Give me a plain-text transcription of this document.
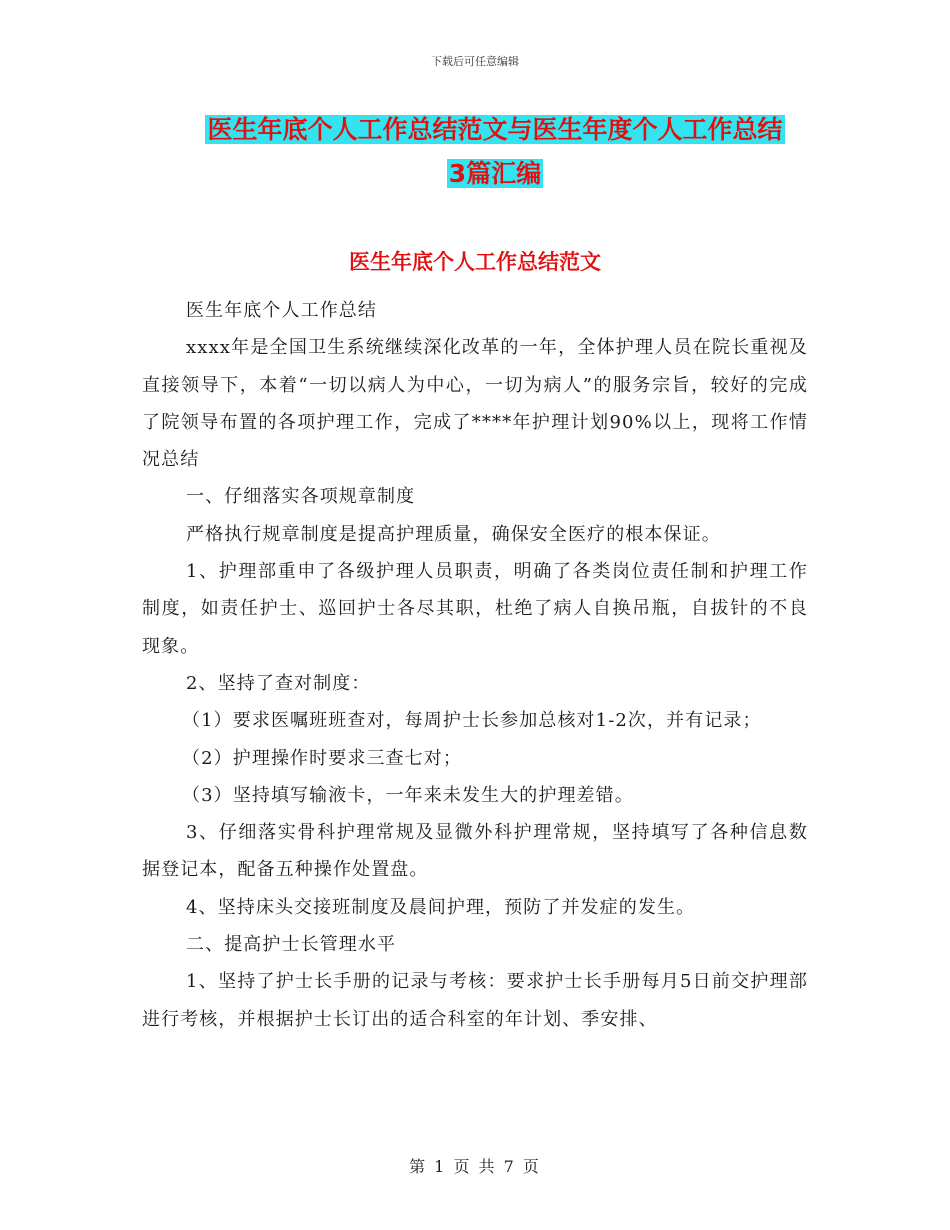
下载后可任意编辑
医生年底个人工作总结范文与医生年度个人工作总结
3篇汇编
医生年底个人工作总结范文

医生年底个人工作总结

xxxx年是全国卫生系统继续深化改革的一年，全体护理人员在院长重视及直接领导下，本着“一切以病人为中心，一切为病人”的服务宗旨，较好的完成了院领导布置的各项护理工作，完成了****年护理计划90%以上，现将工作情况总结

一、仔细落实各项规章制度

严格执行规章制度是提高护理质量，确保安全医疗的根本保证。

1、护理部重申了各级护理人员职责，明确了各类岗位责任制和护理工作制度，如责任护士、巡回护士各尽其职，杜绝了病人自换吊瓶，自拔针的不良现象。

2、坚持了查对制度：

（1）要求医嘱班班查对，每周护士长参加总核对1-2次，并有记录；

（2）护理操作时要求三查七对；

（3）坚持填写输液卡，一年来未发生大的护理差错。

3、仔细落实骨科护理常规及显微外科护理常规，坚持填写了各种信息数据登记本，配备五种操作处置盘。

4、坚持床头交接班制度及晨间护理，预防了并发症的发生。

二、提高护士长管理水平

1、坚持了护士长手册的记录与考核：要求护士长手册每月5日前交护理部进行考核，并根据护士长订出的适合科室的年计划、季安排、

第 1 页 共 7 页
